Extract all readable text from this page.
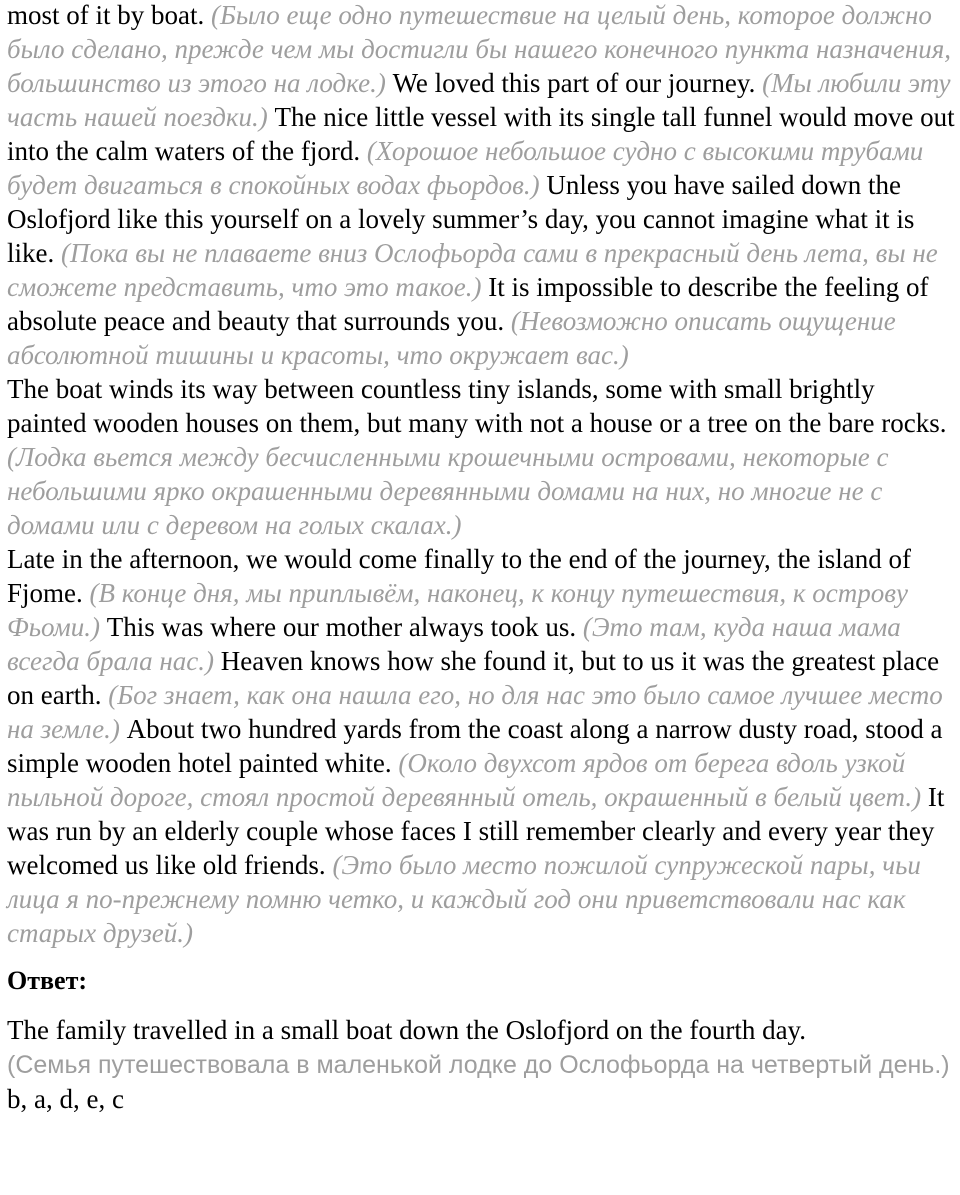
most of it by boat. (Было еще одно путешествие на целый день, которое должно было сделано, прежде чем мы достигли бы нашего конечного пункта назначения, большинство из этого на лодке.) We loved this part of our journey. (Мы любили эту часть нашей поездки.) The nice little vessel with its single tall funnel would move out into the calm waters of the fjord. (Хорошое небольшое судно с высокими трубами будет двигаться в спокойных водах фьордов.) Unless you have sailed down the Oslofjord like this yourself on a lovely summer’s day, you cannot imagine what it is like. (Пока вы не плаваете вниз Ослофьорда сами в прекрасный день лета, вы не сможете представить, что это такое.) It is impossible to describe the feeling of absolute peace and beauty that surrounds you. (Невозможно описать ощущение абсолютной тишины и красоты, что окружает вас.)

The boat winds its way between countless tiny islands, some with small brightly painted wooden houses on them, but many with not a house or a tree on the bare rocks. (Лодка вьется между бесчисленными крошечными островами, некоторые с небольшими ярко окрашенными деревянными домами на них, но многие не с домами или с деревом на голых скалах.)

Late in the afternoon, we would come finally to the end of the journey, the island of Fjome. (В конце дня, мы приплывём, наконец, к концу путешествия, к острову Фьоми.) This was where our mother always took us. (Это там, куда наша мама всегда брала нас.) Heaven knows how she found it, but to us it was the greatest place on earth. (Бог знает, как она нашла его, но для нас это было самое лучшее место на земле.) About two hundred yards from the coast along a narrow dusty road, stood a simple wooden hotel painted white. (Около двухсот ярдов от берега вдоль узкой пыльной дороге, стоял простой деревянный отель, окрашенный в белый цвет.) It was run by an elderly couple whose faces I still remember clearly and every year they welcomed us like old friends. (Это было место пожилой супружеской пары, чьи лица я по-прежнему помню четко, и каждый год они приветствовали нас как старых друзей.)

Ответ:

The family travelled in a small boat down the Oslofjord on the fourth day.
(Семья путешествовала в маленькой лодке до Ослофьорда на четвертый день.) b, a, d, e, c
